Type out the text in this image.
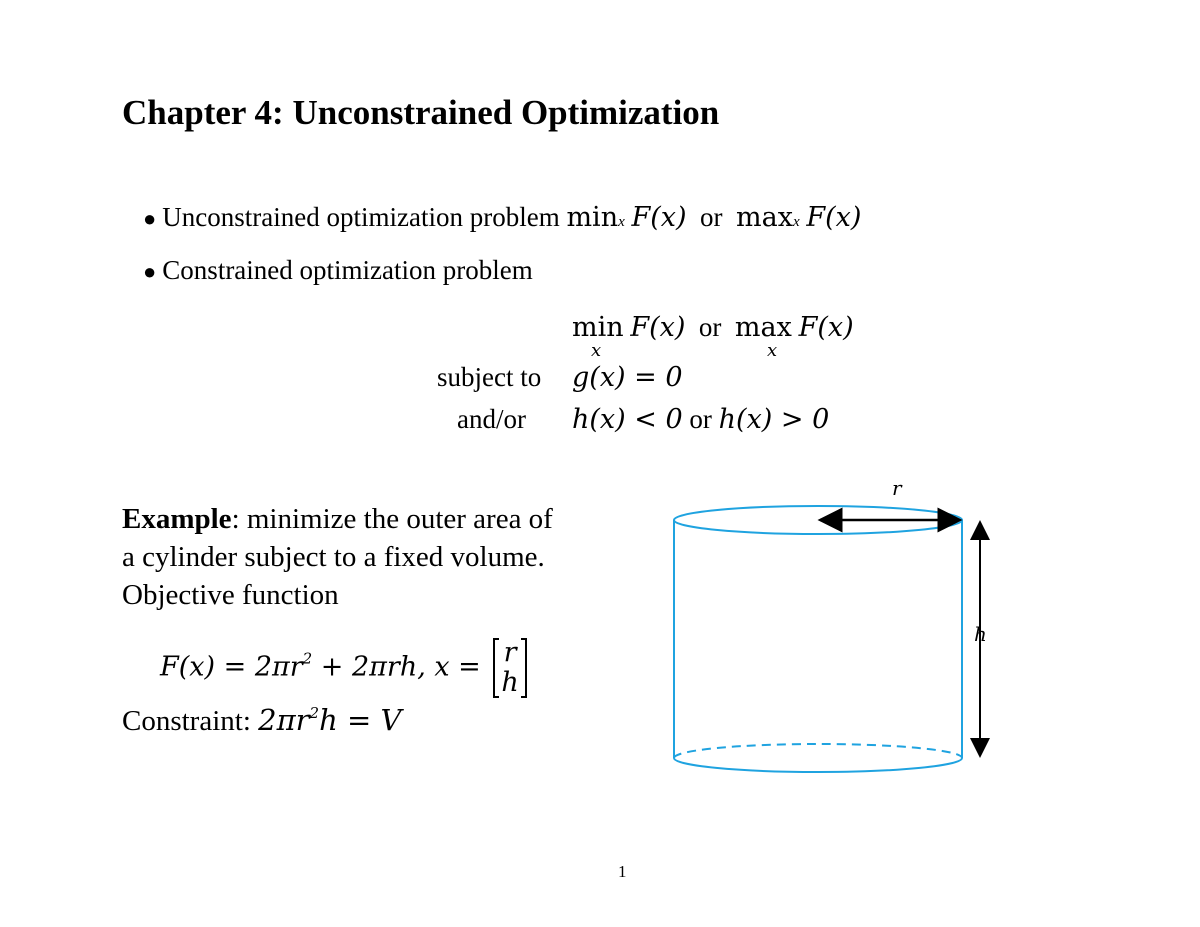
Chapter 4: Unconstrained Optimization
● Unconstrained optimization problem minx F(x) or maxx F(x)
● Constrained optimization problem
min F(x) or max F(x)
x	x
subject to g(x) = 0
and/or h(x) < 0 or h(x) > 0
Example: minimize the outer area of
a cylinder subject to a fixed volume.
Objective function
$F(x) = 2\pi r^2 + 2\pi rh$, x = r
h
Constraint: $2\pi r^2h = V$
r
h
1
